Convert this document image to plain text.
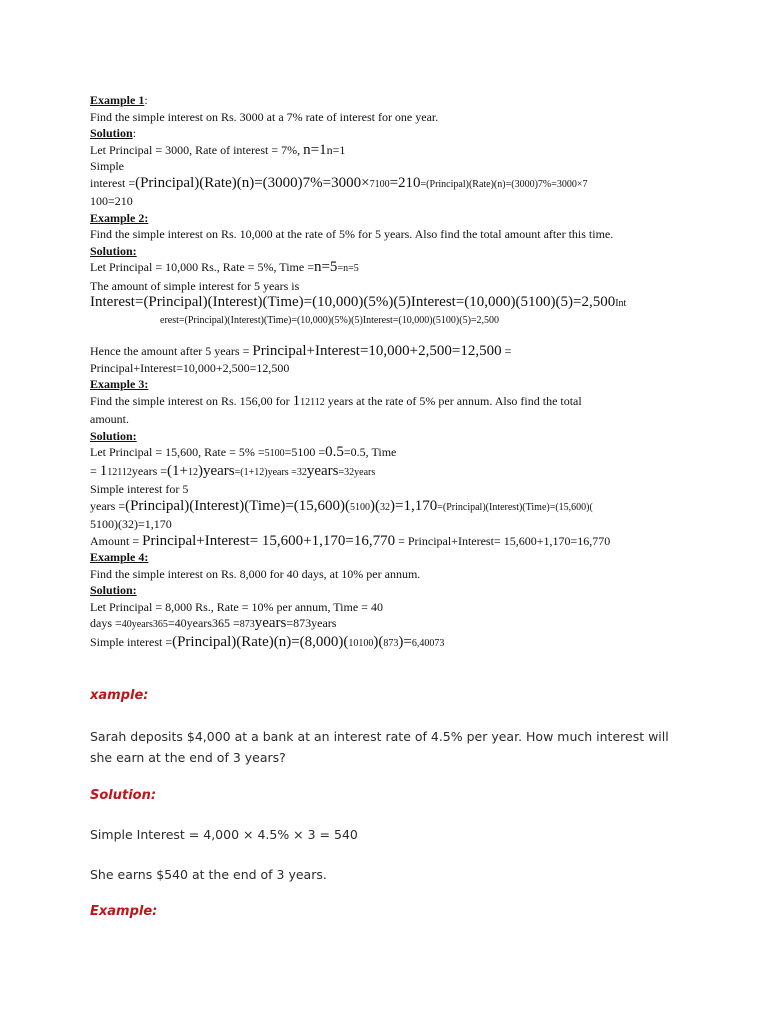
Example 1:
Find the simple interest on Rs. 3000 at a 7% rate of interest for one year.
Solution:
Let Principal = 3000, Rate of interest = 7%, n=1n=1
Simple
interest =(Principal)(Rate)(n)=(3000)7%=3000×7100=210=(Principal)(Rate)(n)=(3000)7%=3000×7
100=210
Example 2:
Find the simple interest on Rs. 10,000 at the rate of 5% for 5 years. Also find the total amount after this time.
Solution:
Let Principal = 10,000 Rs., Rate = 5%, Time =n=5=n=5
The amount of simple interest for 5 years is
Interest=(Principal)(Interest)(Time)=(10,000)(5%)(5)Interest=(10,000)(5100)(5)=2,500Int
erest=(Principal)(Interest)(Time)=(10,000)(5%)(5)Interest=(10,000)(5100)(5)=2,500
Hence the amount after 5 years = Principal+Interest=10,000+2,500=12,500 =
Principal+Interest=10,000+2,500=12,500
Example 3:
Find the simple interest on Rs. 156,00 for 112112 years at the rate of 5% per annum. Also find the total
amount.
Solution:
Let Principal = 15,600, Rate = 5% =5100=5100 =0.5=0.5, Time
= 112112years =(1+12)years=(1+12)years =32years=32years
Simple interest for 5
years =(Principal)(Interest)(Time)=(15,600)(5100)(32)=1,170=(Principal)(Interest)(Time)=(15,600)(
5100)(32)=1,170
Amount = Principal+Interest= 15,600+1,170=16,770 = Principal+Interest= 15,600+1,170=16,770
Example 4:
Find the simple interest on Rs. 8,000 for 40 days, at 10% per annum.
Solution:
Let Principal = 8,000 Rs., Rate = 10% per annum, Time = 40
days =40years365=40years365 =873years=873years
Simple interest =(Principal)(Rate)(n)=(8,000)(10100)(873)=6,40073
xample:
Sarah deposits $4,000 at a bank at an interest rate of 4.5% per year. How much interest will she earn at the end of 3 years?
Solution:
Simple Interest = 4,000 × 4.5% × 3 = 540
She earns $540 at the end of 3 years.
Example:
